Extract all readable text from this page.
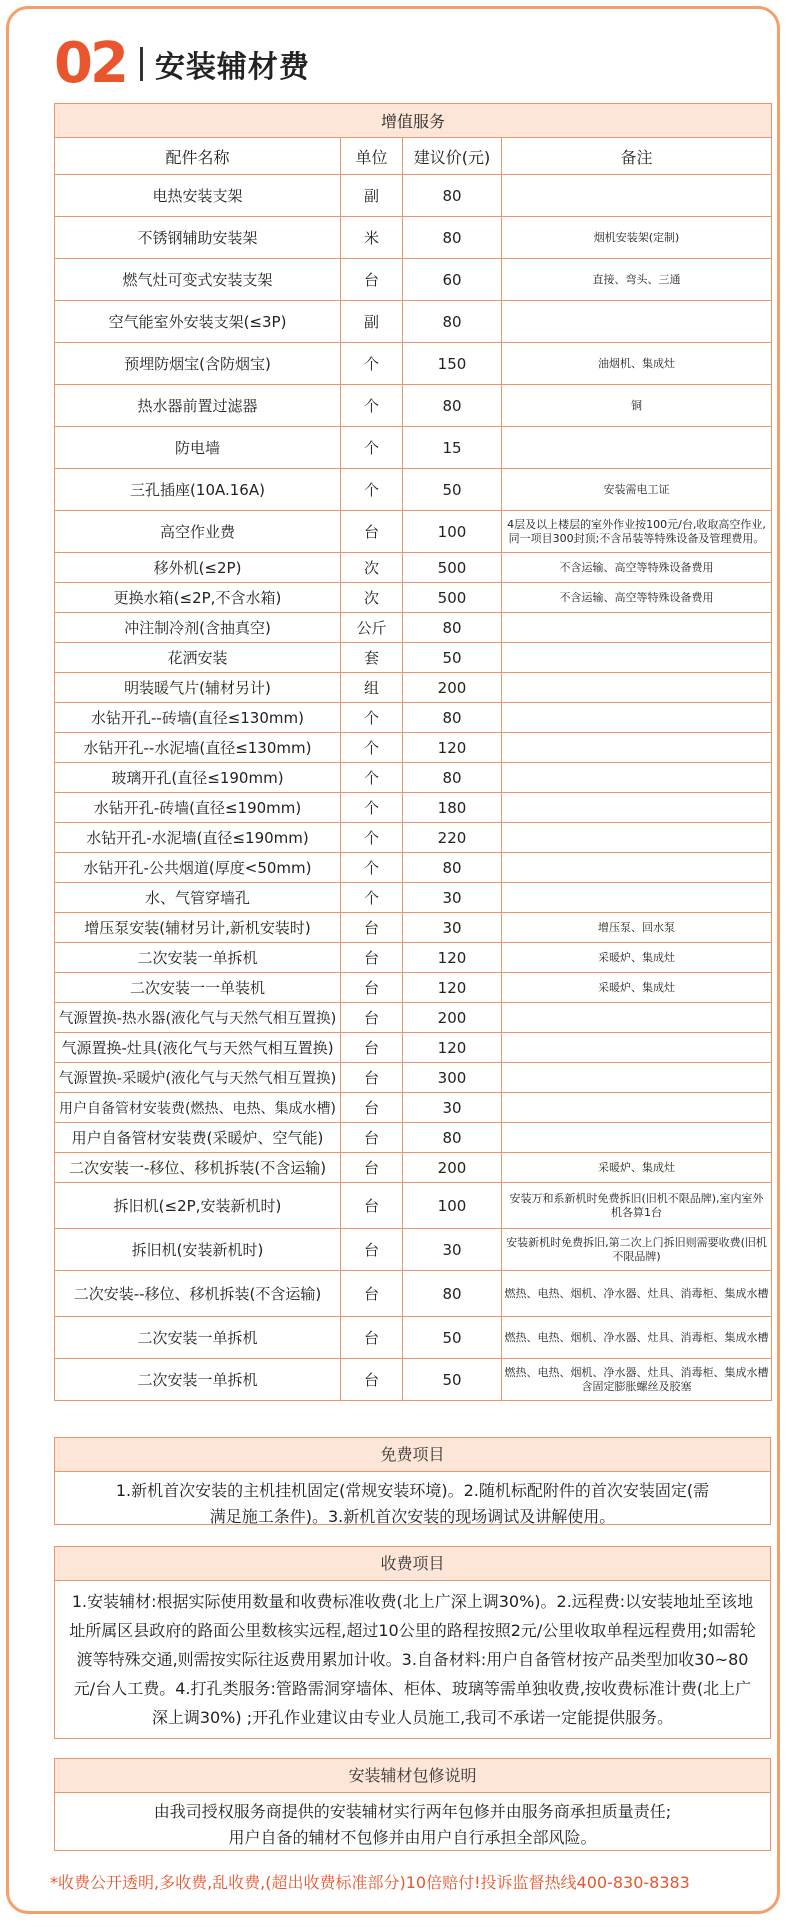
02 安装辅材费
增值服务			
配件名称	单位	建议价(元)	备注
电热安装支架	副	80	
不锈钢辅助安装架	米	80	烟机安装架(定制)
燃气灶可变式安装支架	台	60	直接、弯头、三通
空气能室外安装支架(≤3P)	副	80	
预埋防烟宝(含防烟宝)	个	150	油烟机、集成灶
热水器前置过滤器	个	80	铜
防电墙	个	15	
三孔插座(10A.16A)	个	50	安装需电工证
高空作业费	台	100	4层及以上楼层的室外作业按100元/台,收取高空作业,同一项目300封顶;不含吊装等特殊设备及管理费用。
移外机(≤2P)	次	500	不含运输、高空等特殊设备费用
更换水箱(≤2P,不含水箱)	次	500	不含运输、高空等特殊设备费用
冲注制冷剂(含抽真空)	公斤	80	
花洒安装	套	50	
明装暖气片(辅材另计)	组	200	
水钻开孔--砖墙(直径≤130mm)	个	80	
水钻开孔--水泥墙(直径≤130mm)	个	120	
玻璃开孔(直径≤190mm)	个	80	
水钻开孔-砖墙(直径≤190mm)	个	180	
水钻开孔-水泥墙(直径≤190mm)	个	220	
水钻开孔-公共烟道(厚度<50mm)	个	80	
水、气管穿墙孔	个	30	
增压泵安装(辅材另计,新机安装时)	台	30	增压泵、回水泵
二次安装一单拆机	台	120	采暖炉、集成灶
二次安装一一单装机	台	120	采暖炉、集成灶
气源置换-热水器(液化气与天然气相互置换)	台	200	
气源置换-灶具(液化气与天然气相互置换)	台	120	
气源置换-采暖炉(液化气与天然气相互置换)	台	300	
用户自备管材安装费(燃热、电热、集成水槽)	台	30	
用户自备管材安装费(采暖炉、空气能)	台	80	
二次安装一-移位、移机拆装(不含运输)	台	200	采暖炉、集成灶
拆旧机(≤2P,安装新机时)	台	100	安装万和系新机时免费拆旧(旧机不限品牌),室内室外机各算1台
拆旧机(安装新机时)	台	30	安装新机时免费拆旧,第二次上门拆旧则需要收费(旧机不限品牌)
二次安装--移位、移机拆装(不含运输)	台	80	燃热、电热、烟机、净水器、灶具、消毒柜、集成水槽
二次安装一单拆机	台	50	燃热、电热、烟机、净水器、灶具、消毒柜、集成水槽
二次安装一单拆机	台	50	燃热、电热、烟机、净水器、灶具、消毒柜、集成水槽含固定膨胀螺丝及胶塞
免费项目
1.新机首次安装的主机挂机固定(常规安装环境)。2.随机标配附件的首次安装固定(需满足施工条件)。3.新机首次安装的现场调试及讲解使用。
收费项目
1.安装辅材:根据实际使用数量和收费标准收费(北上广深上调30%)。2.远程费:以安装地址至该地址所属区县政府的路面公里数核实远程,超过10公里的路程按照2元/公里收取单程远程费用;如需轮渡等特殊交通,则需按实际往返费用累加计收。3.自备材料:用户自备管材按产品类型加收30~80元/台人工费。4.打孔类服务:管路需洞穿墙体、柜体、玻璃等需单独收费,按收费标准计费(北上广深上调30%) ;开孔作业建议由专业人员施工,我司不承诺一定能提供服务。
安装辅材包修说明
由我司授权服务商提供的安装辅材实行两年包修并由服务商承担质量责任;
用户自备的辅材不包修并由用户自行承担全部风险。
*收费公开透明,多收费,乱收费,(超出收费标准部分)10倍赔付!投诉监督热线400-830-8383
